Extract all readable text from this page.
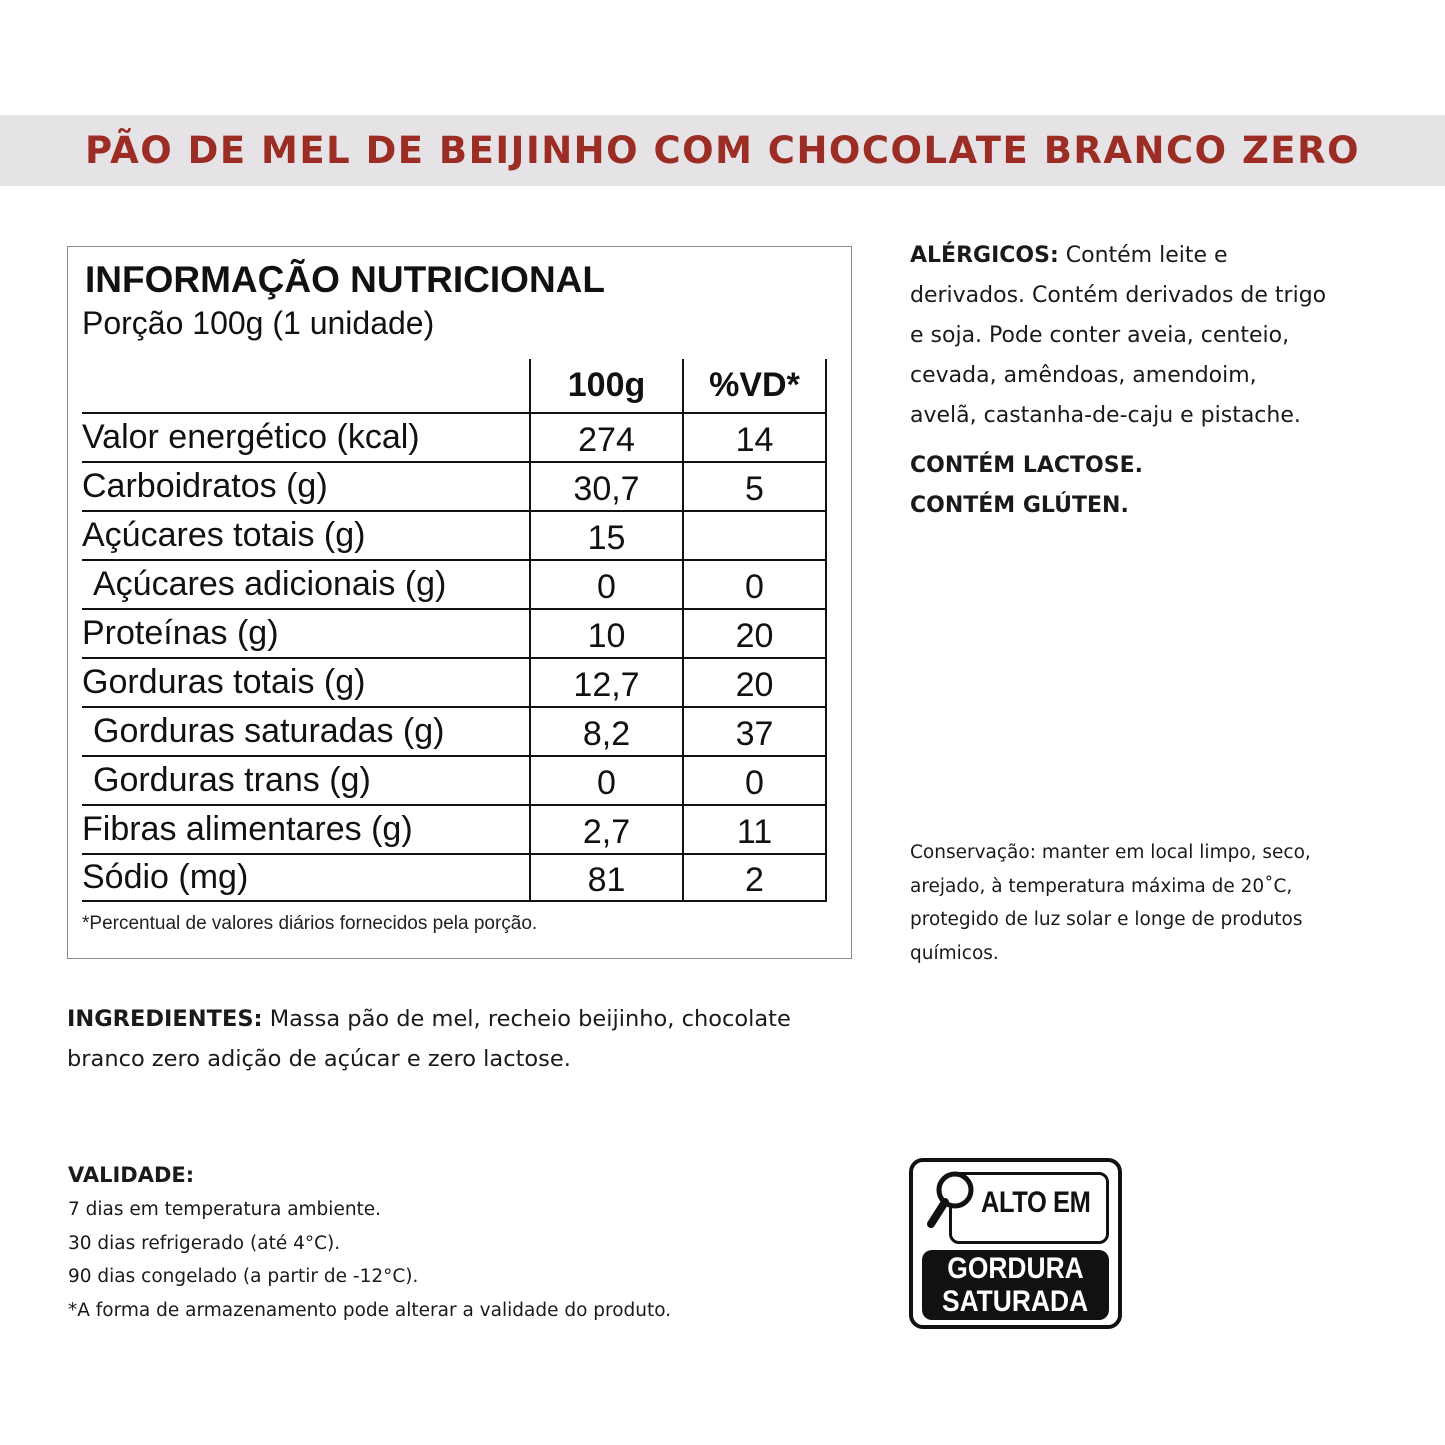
PÃO DE MEL DE BEIJINHO COM CHOCOLATE BRANCO ZERO
INFORMAÇÃO NUTRICIONAL
Porção 100g (1 unidade)
100g	%VD*
Valor energético (kcal)	274	14
Carboidratos (g)	30,7	5
Açúcares totais (g)	15
Açúcares adicionais (g)	0	0
Proteínas (g)	10	20
Gorduras totais (g)	12,7	20
Gorduras saturadas (g)	8,2	37
Gorduras trans (g)	0	0
Fibras alimentares (g)	2,7	11
Sódio (mg)	81	2
*Percentual de valores diários fornecidos pela porção.

ALÉRGICOS: Contém leite e derivados. Contém derivados de trigo e soja. Pode conter aveia, centeio, cevada, amêndoas, amendoim, avelã, castanha-de-caju e pistache.

CONTÉM LACTOSE.
CONTÉM GLÚTEN.
Conservação: manter em local limpo, seco, arejado, à temperatura máxima de 20˚C, protegido de luz solar e longe de produtos químicos.
INGREDIENTES: Massa pão de mel, recheio beijinho, chocolate branco zero adição de açúcar e zero lactose.
VALIDADE:
7 dias em temperatura ambiente.
30 dias refrigerado (até 4°C).
90 dias congelado (a partir de -12°C).
*A forma de armazenamento pode alterar a validade do produto.
ALTO EM
GORDURA
SATURADA
